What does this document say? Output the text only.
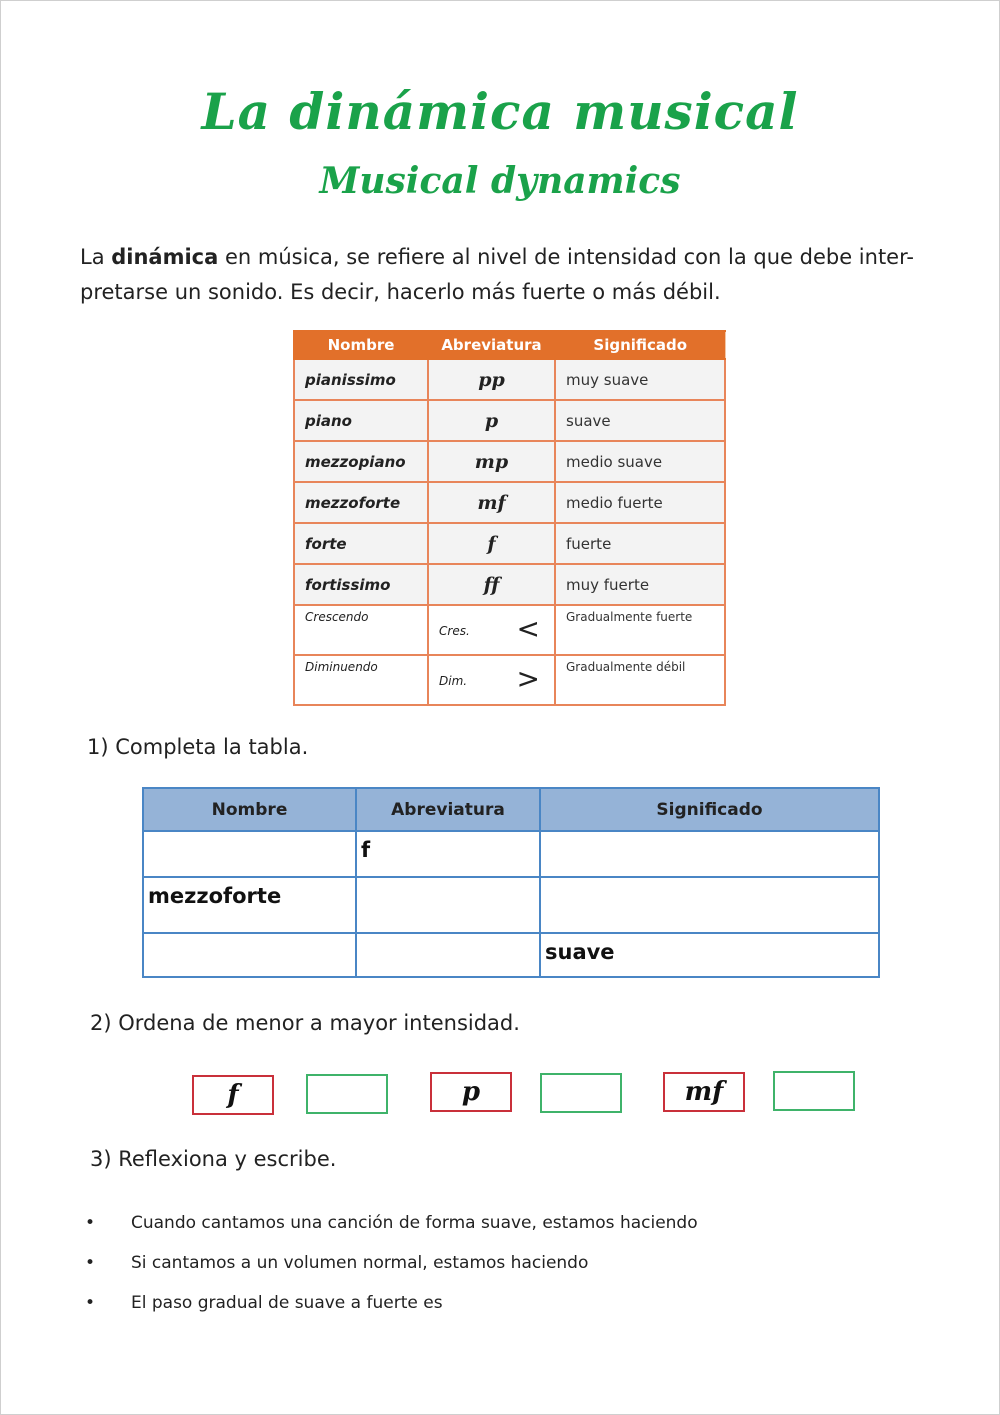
La dinámica musical
Musical dynamics
La dinámica en música, se refiere al nivel de intensidad con la que debe inter-
pretarse un sonido. Es decir, hacerlo más fuerte o más débil.
Nombre	Abreviatura	Significado
pianissimo	pp	muy suave
piano	p	suave
mezzopiano	mp	medio suave
mezzoforte	mf	medio fuerte
forte	f	fuerte
fortissimo	ff	muy fuerte
Crescendo	Cres. <	Gradualmente fuerte
Diminuendo	Dim. >	Gradualmente débil
1) Completa la tabla.
Nombre	Abreviatura	Significado
	f	
mezzoforte		
		suave
2) Ordena de menor a mayor intensidad.
f	p	mf
3) Reflexiona y escribe.
• Cuando cantamos una canción de forma suave, estamos haciendo
• Si cantamos a un volumen normal, estamos haciendo
• El paso gradual de suave a fuerte es
